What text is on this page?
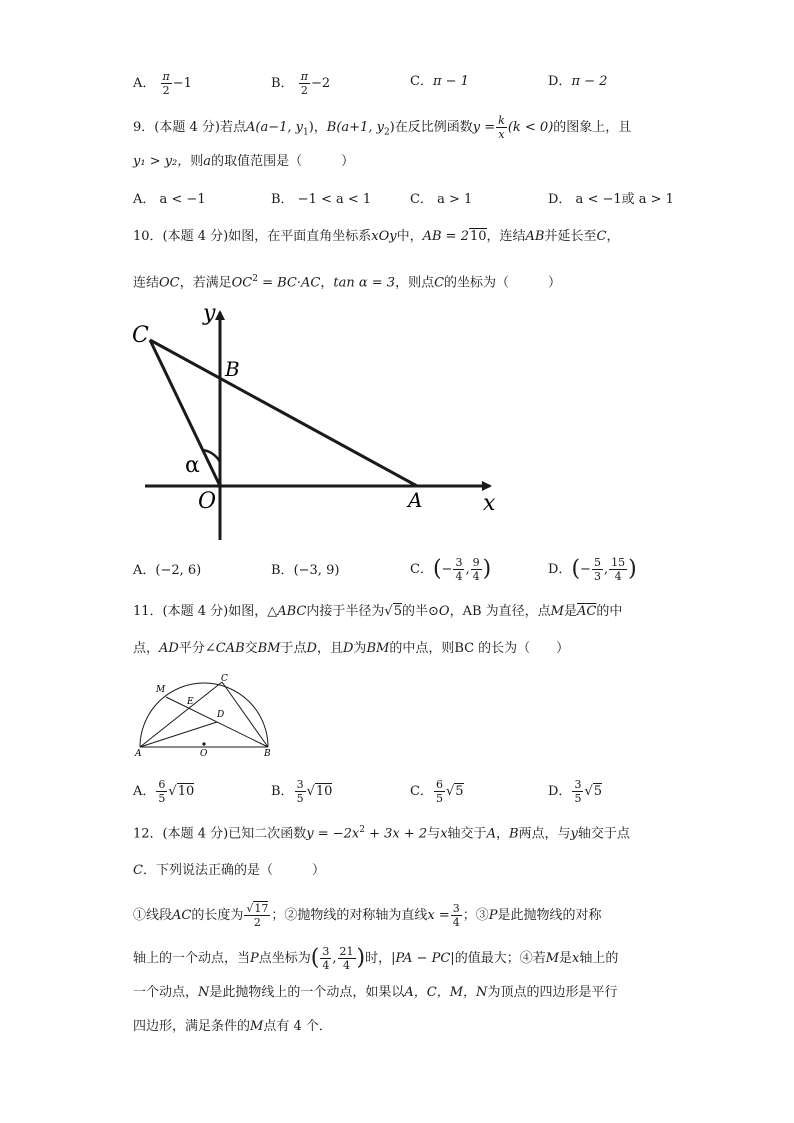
A． $\frac{\pi}{2} -1$	B． $\frac{\pi}{2} -2$	C．π − 1	D．π − 2
9．(本题 4 分)若点A(a−1, $y_1$)，B(a+1, $y_2$)在反比例函数$y = \frac{k}{x} (k < 0)$的图象上，且
y₁ > y₂，则a的取值范围是（　　　）
A． a < −1	B． −1 < a < 1	C． a > 1	D． a < −1或 a > 1
10．(本题 4 分)如图，在平面直角坐标系xOy中，AB = 210，连结AB并延长至C，
连结OC，若满足$OC^2 = BC\cdot AC$，tan α = 3，则点C的坐标为（　　　）
y
C
B
α
O	A	x
A．(−2, 6)	B．(−3, 9)	C．(− $\frac{3}{4}$ , $\frac{9}{4}$ )	D．(− $\frac{5}{3}$ , $\frac{15}{4}$ )
11．(本题 4 分)如图，△ABC内接于半径为√5的半⊙O，AB 为直径，点M是$\overline{AC}$的中
点，AD平分∠CAB交BM于点D，且D为BM的中点，则BC 的长为（　　）
M
C
E
D
A	O	B
A． $\frac{6}{5} √10$	B． $\frac{3}{5} √10$	C． $\frac{6}{5} √5$	D． $\frac{3}{5} √5$
12．(本题 4 分)已知二次函数$y = -2x^2 + 3x + 2$与x轴交于A，B两点，与y轴交于点
C．下列说法正确的是（　　　）
①线段AC的长度为 $\frac{√17}{2}$ ；②抛物线的对称轴为直线$x = \frac{3}{4}$ ；③P是此抛物线的对称
轴上的一个动点，当P点坐标为( $\frac{3}{4}$ , $\frac{21}{4}$ )时，|PA − PC|的值最大；④若M是x轴上的
一个动点，N是此抛物线上的一个动点，如果以A，C，M，N为顶点的四边形是平行
四边形，满足条件的M点有 4 个．
